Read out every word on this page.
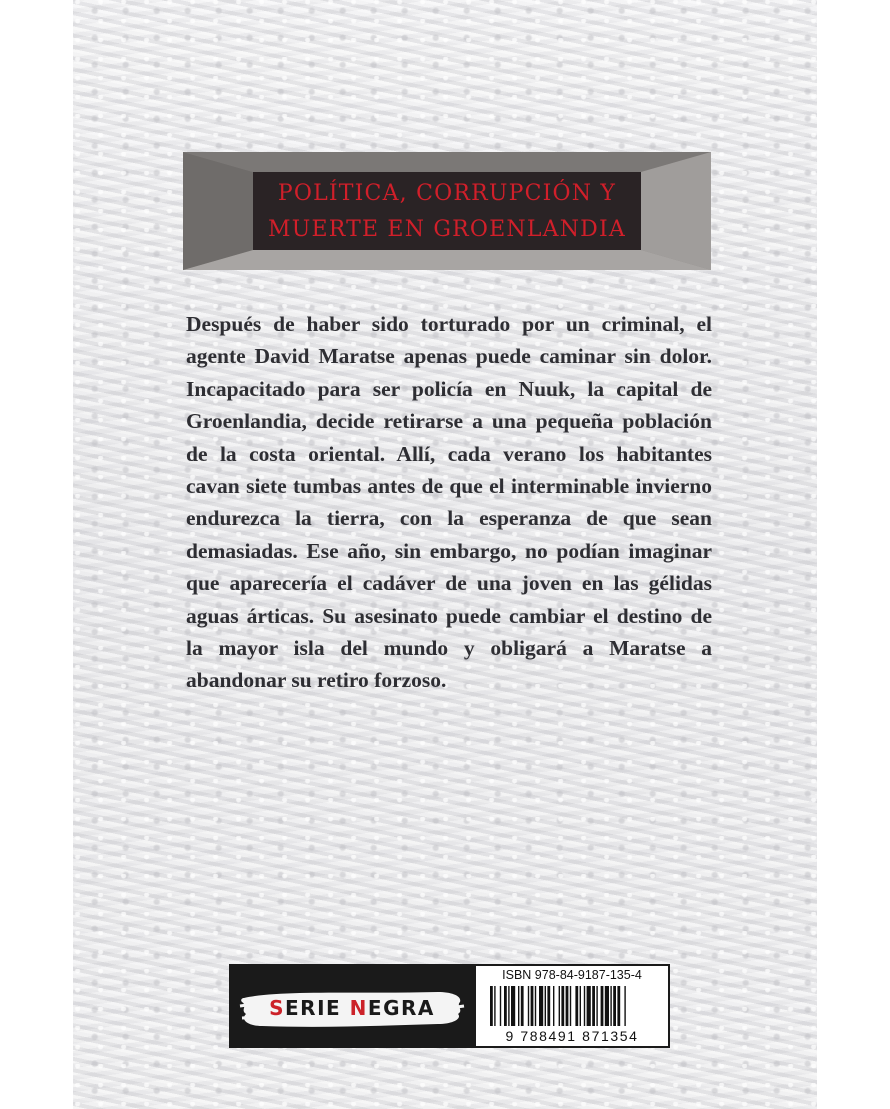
POLÍTICA, CORRUPCIÓN Y
MUERTE EN GROENLANDIA

Después de haber sido torturado por un criminal, el agente David Maratse apenas puede caminar sin dolor. Incapacitado para ser policía en Nuuk, la capital de Groenlandia, decide retirarse a una pequeña población de la costa oriental. Allí, cada verano los habitantes cavan siete tumbas antes de que el interminable invierno endurezca la tierra, con la esperanza de que sean demasiadas. Ese año, sin embargo, no podían imaginar que aparecería el cadáver de una joven en las gélidas aguas árticas. Su asesinato puede cambiar el destino de la mayor isla del mundo y obligará a Maratse a abandonar su retiro forzoso.

S ERIE
N EGRA
ISBN 978-84-9187-135-4
9 788491 871354
